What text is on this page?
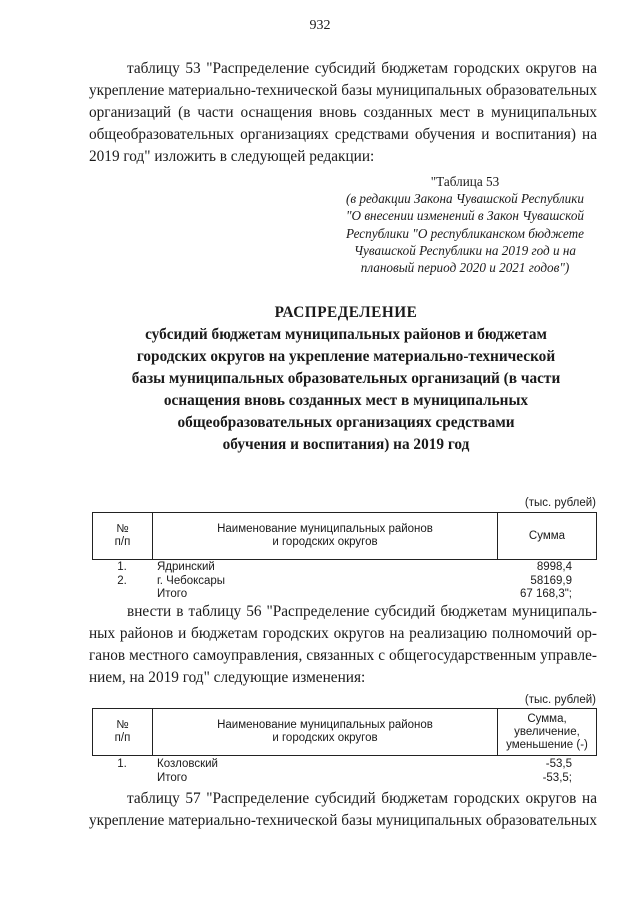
932
таблицу 53 "Распределение субсидий бюджетам городских округов на
укрепление материально-технической базы муниципальных образовательных
организаций (в части оснащения вновь созданных мест в муниципальных
общеобразовательных организациях средствами обучения и воспитания) на
2019 год" изложить в следующей редакции:
"Таблица 53
(в редакции Закона Чувашской Республики
"О внесении изменений в Закон Чувашской
Республики "О республиканском бюджете
Чувашской Республики на 2019 год и на
плановый период 2020 и 2021 годов")
РАСПРЕДЕЛЕНИЕ
субсидий бюджетам муниципальных районов и бюджетам
городских округов на укрепление материально-технической
базы муниципальных образовательных организаций (в части
оснащения вновь созданных мест в муниципальных
общеобразовательных организациях средствами
обучения и воспитания) на 2019 год
(тыс. рублей)
№
п/п
Наименование муниципальных районов
и городских округов
Сумма
1.	Ядринский	8998,4
2.	г. Чебоксары	58169,9
Итого	67 168,3";
внести в таблицу 56 "Распределение субсидий бюджетам муниципаль-
ных районов и бюджетам городских округов на реализацию полномочий ор-
ганов местного самоуправления, связанных с общегосударственным управле-
нием, на 2019 год" следующие изменения:
(тыс. рублей)
№
п/п
Наименование муниципальных районов
и городских округов
Сумма,
увеличение,
уменьшение (-)
1.	Козловский	-53,5
Итого	-53,5;
таблицу 57 "Распределение субсидий бюджетам городских округов на
укрепление материально-технической базы муниципальных образовательных
